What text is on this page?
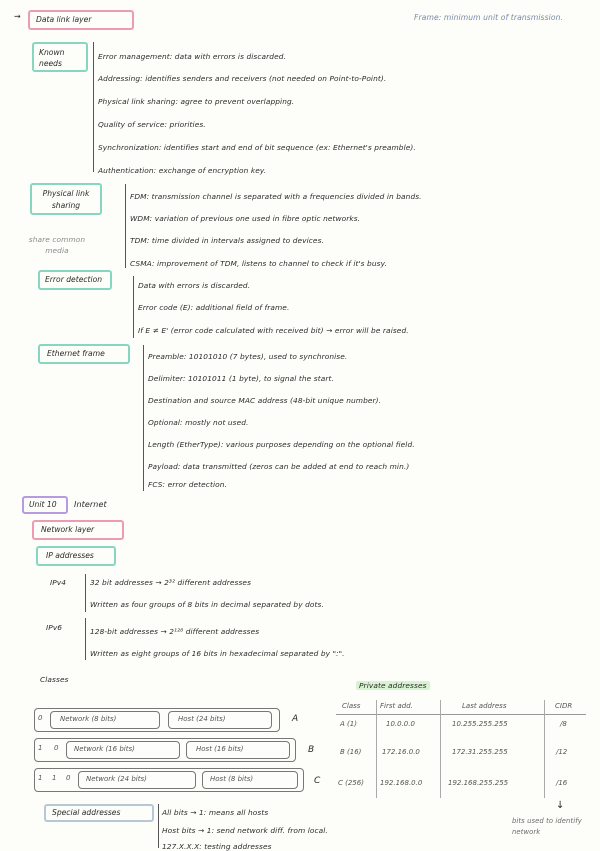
⇝	Data link layer	Frame: minimum unit of transmission.
Known needs
Error management: data with errors is discarded.
Addressing: identifies senders and receivers (not needed on Point-to-Point).
Physical link sharing: agree to prevent overlapping.
Quality of service: priorities.
Synchronization: identifies start and end of bit sequence (ex: Ethernet's preamble).
Authentication: exchange of encryption key.
Physical link sharing
share common media
FDM: transmission channel is separated with a frequencies divided in bands.
WDM: variation of previous one used in fibre optic networks.
TDM: time divided in intervals assigned to devices.
CSMA: improvement of TDM, listens to channel to check if it's busy.
Error detection
Data with errors is discarded.
Error code (E): additional field of frame.
If E ≠ E' (error code calculated with received bit) → error will be raised.
Ethernet frame	Preamble: 10101010 (7 bytes), used to synchronise.
Delimiter: 10101011 (1 byte), to signal the start.
Destination and source MAC address (48-bit unique number).
Optional: mostly not used.
Length (EtherType): various purposes depending on the optional field.
Payload: data transmitted (zeros can be added at end to reach min.)
FCS: error detection.
Unit 10	Internet
Network layer
IP addresses
IPv4	32 bit addresses → 2³² different addresses
Written as four groups of 8 bits in decimal separated by dots.
IPv6	128-bit addresses → 2¹²⁸ different addresses
Written as eight groups of 16 bits in hexadecimal separated by ":".
Classes
0	Network (8 bits)	Host (24 bits)	A
1 0 Network (16 bits)	Host (16 bits)	B
1 1 0 Network (24 bits)	Host (8 bits)	C
Private addresses
Class	First add.	Last address	CIDR
A (1)	10.0.0.0	10.255.255.255	/8
B (16)	172.16.0.0	172.31.255.255	/12
C (256) 192.168.0.0	192.168.255.255	/16
↓
bits used to identify network
Special addresses	All bits → 1: means all hosts
Host bits → 1: send network diff. from local.
127.X.X.X: testing addresses
